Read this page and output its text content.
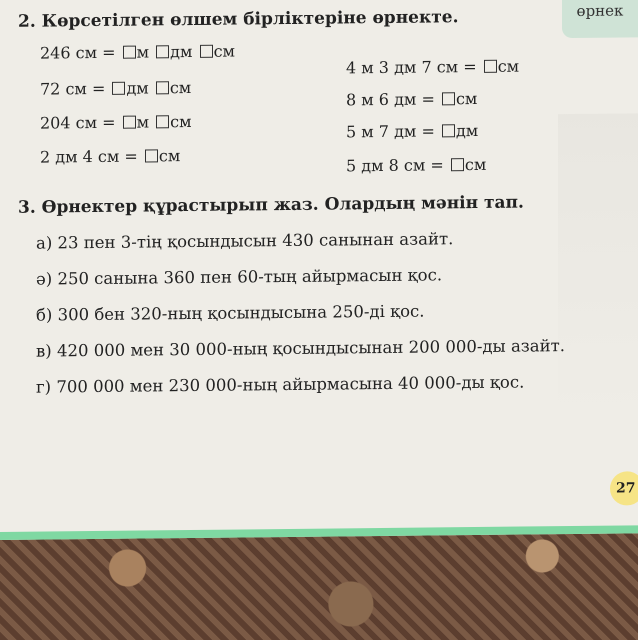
өрнек
2. Көрсетілген өлшем бірліктеріне өрнекте.
246 см = м дм см
72 см = дм см
204 см = м см
2 дм 4 см = см
4 м 3 дм 7 см = см
8 м 6 дм = см
5 м 7 дм = дм
5 дм 8 см = см
3. Өрнектер құрастырып жаз. Олардың мәнін тап.
а) 23 пен 3-тің қосындысын 430 санынан азайт.
ә) 250 санына 360 пен 60-тың айырмасын қос.
б) 300 бен 320-ның қосындысына 250-ді қос.
в) 420 000 мен 30 000-ның қосындысынан 200 000-ды азайт.
г) 700 000 мен 230 000-ның айырмасына 40 000-ды қос.
27
